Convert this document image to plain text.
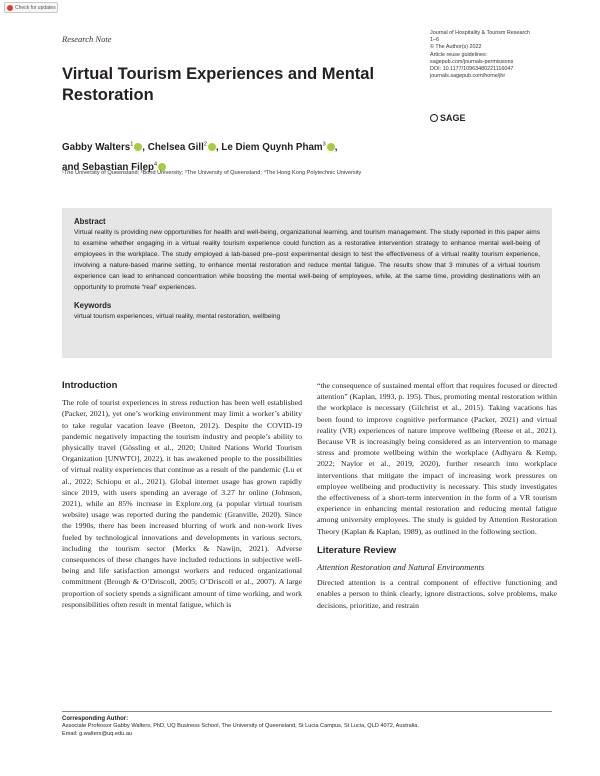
Check for updates
Research Note
Virtual Tourism Experiences and Mental Restoration
Journal of Hospitality & Tourism Research
1–6
© The Author(s) 2022
Article reuse guidelines:
sagepub.com/journals-permissions
DOI: 10.1177/10963480221116047
journals.sagepub.com/home/jhr
SAGE
Gabby Walters$^1$ , Chelsea Gill$^2$ , Le Diem Quynh Pham$^3$ ,
and Sebastian Filep$^4$
¹The University of Queensland; ²Bond University; ³The University of Queensland; ⁴The Hong Kong Polytechnic University
Abstract

Virtual reality is providing new opportunities for health and well-being, organizational learning, and tourism management. The study reported in this paper aims to examine whether engaging in a virtual reality tourism experience could function as a restorative intervention strategy to enhance mental well-being of employees in the workplace. The study employed a lab-based pre–post experimental design to test the effectiveness of a virtual reality tourism experience, involving a nature-based marine setting, to enhance mental restoration and reduce mental fatigue. The results show that 3 minutes of a virtual tourism experience can lead to enhanced concentration while boosting the mental well-being of employees, while, at the same time, providing destinations with an opportunity to promote “real” experiences.

Keywords

virtual tourism experiences, virtual reality, mental restoration, wellbeing

Introduction

The role of tourist experiences in stress reduction has been well established (Packer, 2021), yet one’s working environment may limit a worker’s ability to take regular vacation leave (Beeton, 2012). Despite the COVID-19 pandemic negatively impacting the tourism industry and people’s ability to physically travel (Gössling et al., 2020; United Nations World Tourism Organization [UNWTO], 2022), it has awakened people to the possibilities of virtual reality experiences that continue as a result of the pandemic (Lu et al., 2022; Schiopu et al., 2021). Global internet usage has grown rapidly since 2019, with users spending an average of 3.27 hr online (Johnson, 2021), while an 85% increase in Explore.org (a popular virtual tourism website) usage was reported during the pandemic (Granville, 2020). Since the 1990s, there has been increased blurring of work and non-work lives fueled by technological innovations and developments in various sectors, including the tourism sector (Merkx & Nawijn, 2021). Adverse consequences of these changes have included reductions in subjective well-being and life satisfaction amongst workers and reduced organizational commitment (Brough & O’Driscoll, 2005; O’Driscoll et al., 2007). A large proportion of society spends a significant amount of time working, and work responsibilities often result in mental fatigue, which is

“the consequence of sustained mental effort that requires focused or directed attention” (Kaplan, 1993, p. 195). Thus, promoting mental restoration within the workplace is necessary (Gilchrist et al., 2015). Taking vacations has been found to improve cognitive performance (Packer, 2021) and virtual reality (VR) experiences of nature improve wellbeing (Reese et al., 2021). Because VR is increasingly being considered as an intervention to manage stress and promote wellbeing within the workplace (Adhyaru & Kemp, 2022; Naylor et al., 2019, 2020), further research into workplace interventions that mitigate the impact of increasing work pressures on employee wellbeing and productivity is necessary. This study investigates the effectiveness of a short-term intervention in the form of a VR tourism experience in enhancing mental restoration and reducing mental fatigue among university employees. The study is guided by Attention Restoration Theory (Kaplan & Kaplan, 1989), as outlined in the following section.

Literature Review
Attention Restoration and Natural Environments

Directed attention is a central component of effective functioning and enables a person to think clearly, ignore distractions, solve problems, make decisions, prioritize, and restrain

Corresponding Author:
Associate Professor Gabby Walters, PhD, UQ Business School, The University of Queensland, St Lucia Campus, St Lucia, QLD 4072, Australia.
Email: g.walters@uq.edu.au
